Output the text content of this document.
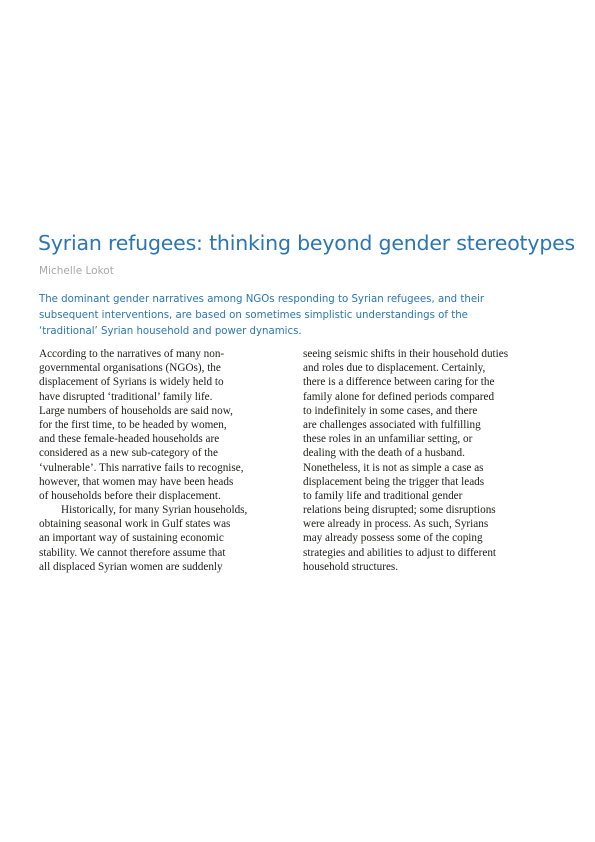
Syrian refugees: thinking beyond gender stereotypes

Michelle Lokot

The dominant gender narratives among NGOs responding to Syrian refugees, and their
subsequent interventions, are based on sometimes simplistic understandings of the
‘traditional’ Syrian household and power dynamics.

According to the narratives of many non-
governmental organisations (NGOs), the
displacement of Syrians is widely held to
have disrupted ‘traditional’ family life.
Large numbers of households are said now,
for the first time, to be headed by women,
and these female-headed households are
considered as a new sub-category of the
‘vulnerable’. This narrative fails to recognise,
however, that women may have been heads
of households before their displacement.
Historically, for many Syrian households,
obtaining seasonal work in Gulf states was
an important way of sustaining economic
stability. We cannot therefore assume that
all displaced Syrian women are suddenly
seeing seismic shifts in their household duties
and roles due to displacement. Certainly,
there is a difference between caring for the
family alone for defined periods compared
to indefinitely in some cases, and there
are challenges associated with fulfilling
these roles in an unfamiliar setting, or
dealing with the death of a husband.
Nonetheless, it is not as simple a case as
displacement being the trigger that leads
to family life and traditional gender
relations being disrupted; some disruptions
were already in process. As such, Syrians
may already possess some of the coping
strategies and abilities to adjust to different
household structures.
